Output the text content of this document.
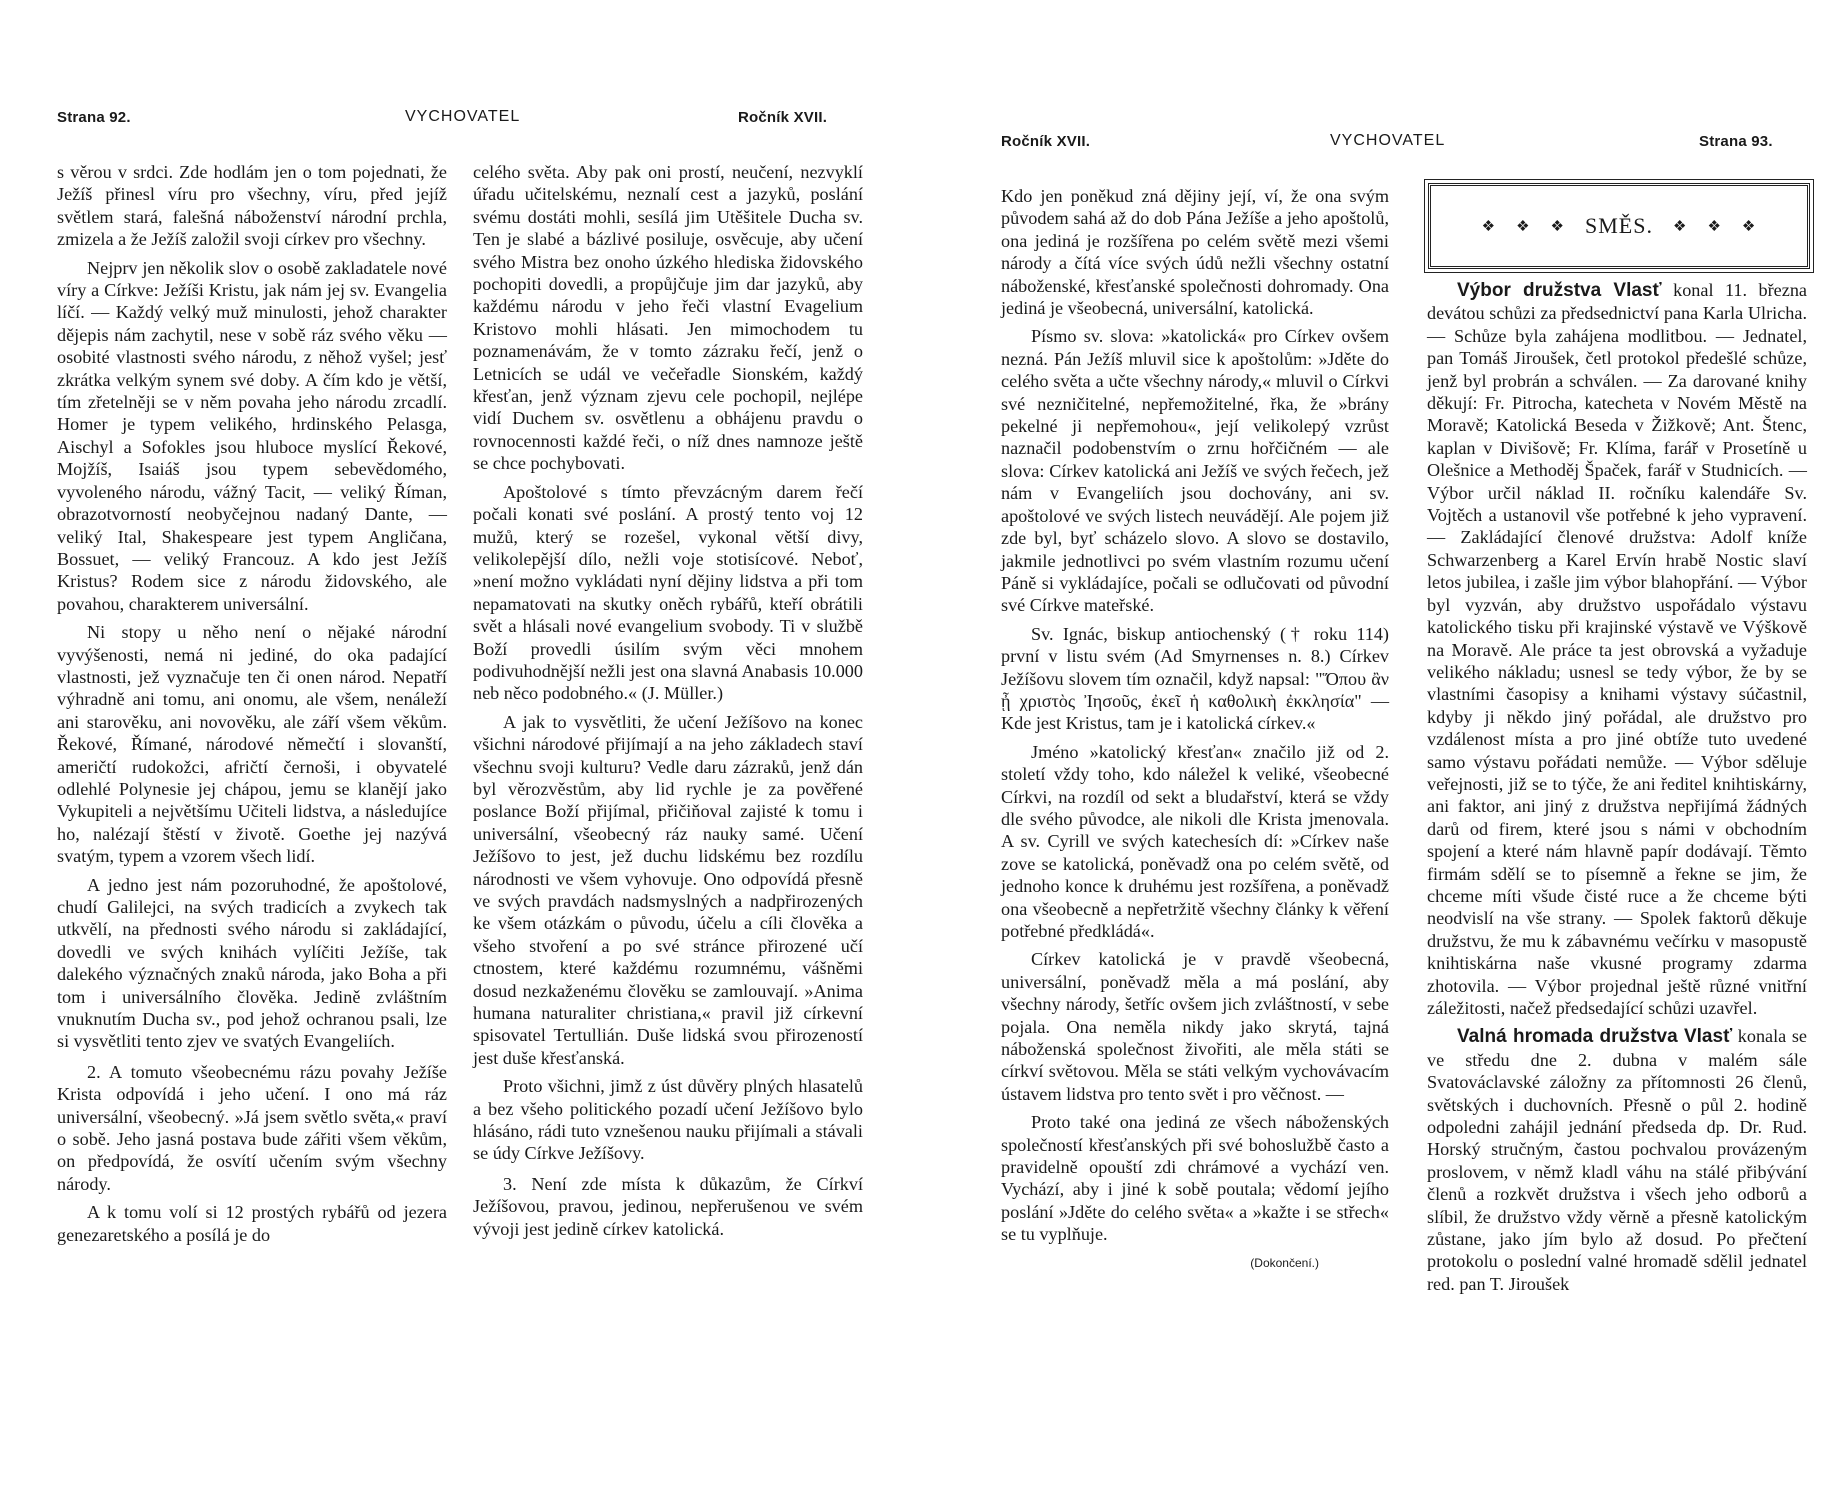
Strana 92.	VYCHOVATEL	Ročník XVII.

s věrou v srdci. Zde hodlám jen o tom pojednati, že Ježíš přinesl víru pro všechny, víru, před jejíž světlem stará, falešná náboženství národní prchla, zmizela a že Ježíš založil svoji církev pro všechny.

Nejprv jen několik slov o osobě zakladatele nové víry a Církve: Ježíši Kristu, jak nám jej sv. Evangelia líčí. — Každý velký muž minulosti, jehož charakter dějepis nám zachytil, nese v sobě ráz svého věku — osobité vlastnosti svého národu, z něhož vyšel; jesť zkrátka velkým synem své doby. A čím kdo je větší, tím zřetelněji se v něm povaha jeho národu zrcadlí. Homer je typem velikého, hrdinského Pelasga, Aischyl a Sofokles jsou hluboce myslící Řekové, Mojžíš, Isaiáš jsou typem sebevědomého, vyvoleného národu, vážný Tacit, — veliký Říman, obrazotvorností neobyčejnou nadaný Dante, — veliký Ital, Shakespeare jest typem Angličana, Bossuet, — veliký Francouz. A kdo jest Ježíš Kristus? Rodem sice z národu židovského, ale povahou, charakterem universální.

Ni stopy u něho není o nějaké národní vyvýšenosti, nemá ni jediné, do oka padající vlastnosti, jež vyznačuje ten či onen národ. Nepatří výhradně ani tomu, ani onomu, ale všem, nenáleží ani starověku, ani novověku, ale září všem věkům. Řekové, Římané, národové němečtí i slovanští, američtí rudokožci, afričtí černoši, i obyvatelé odlehlé Polynesie jej chápou, jemu se klanějí jako Vykupiteli a největšímu Učiteli lidstva, a následujíce ho, nalézají štěstí v životě. Goethe jej nazývá svatým, typem a vzorem všech lidí.

A jedno jest nám pozoruhodné, že apoštolové, chudí Galilejci, na svých tradicích a zvykech tak utkvělí, na přednosti svého národu si zakládající, dovedli ve svých knihách vylíčiti Ježíše, tak dalekého význačných znaků národa, jako Boha a při tom i universálního člověka. Jedině zvláštním vnuknutím Ducha sv., pod jehož ochranou psali, lze si vysvětliti tento zjev ve svatých Evangeliích.

2. A tomuto všeobecnému rázu povahy Ježíše Krista odpovídá i jeho učení. I ono má ráz universální, všeobecný. »Já jsem světlo světa,« praví o sobě. Jeho jasná postava bude zářiti všem věkům, on předpovídá, že osvítí učením svým všechny národy.

A k tomu volí si 12 prostých rybářů od jezera genezaretského a posílá je do

celého světa. Aby pak oni prostí, neučení, nezvyklí úřadu učitelskému, neznalí cest a jazyků, poslání svému dostáti mohli, sesílá jim Utěšitele Ducha sv. Ten je slabé a bázlivé posiluje, osvěcuje, aby učení svého Mistra bez onoho úzkého hlediska židovského pochopiti dovedli, a propůjčuje jim dar jazyků, aby každému národu v jeho řeči vlastní Evagelium Kristovo mohli hlásati. Jen mimochodem tu poznamenávám, že v tomto zázraku řečí, jenž o Letnicích se udál ve večeřadle Sionském, každý křesťan, jenž význam zjevu cele pochopil, nejlépe vidí Duchem sv. osvětlenu a obhájenu pravdu o rovnocennosti každé řeči, o níž dnes namnoze ještě se chce pochybovati.

Apoštolové s tímto převzácným darem řečí počali konati své poslání. A prostý tento voj 12 mužů, který se rozešel, vykonal větší divy, velikolepější dílo, nežli voje stotisícové. Neboť, »není možno vykládati nyní dějiny lidstva a při tom nepamatovati na skutky oněch rybářů, kteří obrátili svět a hlásali nové evangelium svobody. Ti v službě Boží provedli úsilím svým věci mnohem podivuhodnější nežli jest ona slavná Anabasis 10.000 neb něco podobného.« (J. Müller.)

A jak to vysvětliti, že učení Ježíšovo na konec všichni národové přijímají a na jeho základech staví všechnu svoji kulturu? Vedle daru zázraků, jenž dán byl věrozvěstům, aby lid rychle je za pověřené poslance Boží přijímal, přičiňoval zajisté k tomu i universální, všeobecný ráz nauky samé. Učení Ježíšovo to jest, jež duchu lidskému bez rozdílu národnosti ve všem vyhovuje. Ono odpovídá přesně ve svých pravdách nadsmyslných a nadpřirozených ke všem otázkám o původu, účelu a cíli člověka a všeho stvoření a po své stránce přirozené učí ctnostem, které každému rozumnému, vášněmi dosud nezkaženému člověku se zamlouvají. »Anima humana naturaliter christiana,« pravil již církevní spisovatel Tertullián. Duše lidská svou přirozeností jest duše křesťanská.

Proto všichni, jimž z úst důvěry plných hlasatelů a bez všeho politického pozadí učení Ježíšovo bylo hlásáno, rádi tuto vznešenou nauku přijímali a stávali se údy Církve Ježíšovy.

3. Není zde místa k důkazům, že Církví Ježíšovou, pravou, jedinou, nepřerušenou ve svém vývoji jest jedině církev katolická.

Ročník XVII.	VYCHOVATEL	Strana 93.

Kdo jen poněkud zná dějiny její, ví, že ona svým původem sahá až do dob Pána Ježíše a jeho apoštolů, ona jediná je rozšířena po celém světě mezi všemi národy a čítá více svých údů nežli všechny ostatní náboženské, křesťanské společnosti dohromady. Ona jediná je všeobecná, universální, katolická.

Písmo sv. slova: »katolická« pro Církev ovšem nezná. Pán Ježíš mluvil sice k apoštolům: »Jděte do celého světa a učte všechny národy,« mluvil o Církvi své nezničitelné, nepřemožitelné, řka, že »brány pekelné ji nepřemohou«, její velikolepý vzrůst naznačil podobenstvím o zrnu hořčičném — ale slova: Církev katolická ani Ježíš ve svých řečech, jež nám v Evangeliích jsou dochovány, ani sv. apoštolové ve svých listech neuvádějí. Ale pojem již zde byl, byť scházelo slovo. A slovo se dostavilo, jakmile jednotlivci po svém vlastním rozumu učení Páně si vykládajíce, počali se odlučovati od původní své Církve mateřské.

Sv. Ignác, biskup antiochenský († roku 114) první v listu svém (Ad Smyrnenses n. 8.) Církev Ježíšovu slovem tím označil, když napsal: "Ὅπου ἂν ᾖ χριστὸς Ἰησοῦς, ἐκεῖ ἡ καθολικὴ ἐκκλησία" — Kde jest Kristus, tam je i katolická církev.«

Jméno »katolický křesťan« značilo již od 2. století vždy toho, kdo náležel k veliké, všeobecné Církvi, na rozdíl od sekt a bludařství, která se vždy dle svého původce, ale nikoli dle Krista jmenovala. A sv. Cyrill ve svých katechesích dí: »Církev naše zove se katolická, poněvadž ona po celém světě, od jednoho konce k druhému jest rozšířena, a poněvadž ona všeobecně a nepřetržitě všechny články k věření potřebné předkládá«.

Církev katolická je v pravdě všeobecná, universální, poněvadž měla a má poslání, aby všechny národy, šetříc ovšem jich zvláštností, v sebe pojala. Ona neměla nikdy jako skrytá, tajná náboženská společnost živořiti, ale měla státi se církví světovou. Měla se státi velkým vychovávacím ústavem lidstva pro tento svět i pro věčnost. —

Proto také ona jediná ze všech náboženských společností křesťanských při své bohoslužbě často a pravidelně opouští zdi chrámové a vychází ven. Vychází, aby i jiné k sobě poutala; vědomí jejího poslání »Jděte do celého světa« a »kažte i se střech« se tu vyplňuje.

(Dokončení.)
❖ ❖ ❖ SMĚS. ❖ ❖ ❖

Výbor družstva Vlasť konal 11. března devátou schůzi za předsednictví pana Karla Ulricha. — Schůze byla zahájena modlitbou. — Jednatel, pan Tomáš Jiroušek, četl protokol předešlé schůze, jenž byl probrán a schválen. — Za darované knihy děkují: Fr. Pitrocha, katecheta v Novém Městě na Moravě; Katolická Beseda v Žižkově; Ant. Štenc, kaplan v Divišově; Fr. Klíma, farář v Prosetíně u Olešnice a Methoděj Špaček, farář v Studnicích. — Výbor určil náklad II. ročníku kalendáře Sv. Vojtěch a ustanovil vše potřebné k jeho vypravení. — Zakládající členové družstva: Adolf kníže Schwarzenberg a Karel Ervín hrabě Nostic slaví letos jubilea, i zašle jim výbor blahopřání. — Výbor byl vyzván, aby družstvo uspořádalo výstavu katolického tisku při krajinské výstavě ve Výškově na Moravě. Ale práce ta jest obrovská a vyžaduje velikého nákladu; usnesl se tedy výbor, že by se vlastními časopisy a knihami výstavy súčastnil, kdyby ji někdo jiný pořádal, ale družstvo pro vzdálenost místa a pro jiné obtíže tuto uvedené samo výstavu pořádati nemůže. — Výbor sděluje veřejnosti, již se to týče, že ani ředitel knihtiskárny, ani faktor, ani jiný z družstva nepřijímá žádných darů od firem, které jsou s námi v obchodním spojení a které nám hlavně papír dodávají. Těmto firmám sdělí se to písemně a řekne se jim, že chceme míti všude čisté ruce a že chceme býti neodvislí na vše strany. — Spolek faktorů děkuje družstvu, že mu k zábavnému večírku v masopustě knihtiskárna naše vkusné programy zdarma zhotovila. — Výbor projednal ještě různé vnitřní záležitosti, načež předsedající schůzi uzavřel.

Valná hromada družstva Vlasť konala se ve středu dne 2. dubna v malém sále Svatováclavské záložny za přítomnosti 26 členů, světských i duchovních. Přesně o půl 2. hodině odpoledni zahájil jednání předseda dp. Dr. Rud. Horský stručným, častou pochvalou provázeným proslovem, v němž kladl váhu na stálé přibývání členů a rozkvět družstva i všech jeho odborů a slíbil, že družstvo vždy věrně a přesně katolickým zůstane, jako jím bylo až dosud. Po přečtení protokolu o poslední valné hromadě sdělil jednatel red. pan T. Jiroušek
